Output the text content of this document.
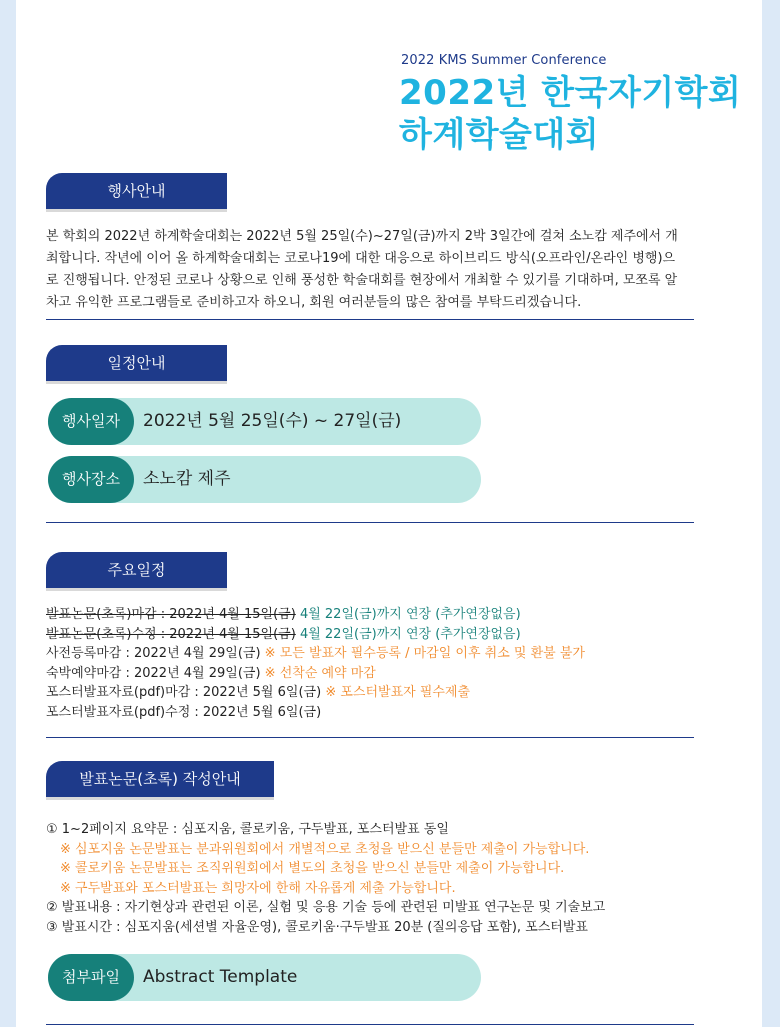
2022 KMS Summer Conference
2022년 한국자기학회
하계학술대회
행사안내
본 학회의 2022년 하계학술대회는 2022년 5월 25일(수)~27일(금)까지 2박 3일간에 걸쳐 소노캄 제주에서 개최합니다. 작년에 이어 올 하계학술대회는 코로나19에 대한 대응으로 하이브리드 방식(오프라인/온라인 병행)으로 진행됩니다. 안정된 코로나 상황으로 인해 풍성한 학술대회를 현장에서 개최할 수 있기를 기대하며, 모쪼록 알차고 유익한 프로그램들로 준비하고자 하오니, 회원 여러분들의 많은 참여를 부탁드리겠습니다.
일정안내
행사일자	2022년 5월 25일(수) ~ 27일(금)
행사장소	소노캄 제주
주요일정
발표논문(초록)마감 : 2022년 4월 15일(금) 4월 22일(금)까지 연장 (추가연장없음)
발표논문(초록)수정 : 2022년 4월 15일(금) 4월 22일(금)까지 연장 (추가연장없음)
사전등록마감 : 2022년 4월 29일(금) ※ 모든 발표자 필수등록 / 마감일 이후 취소 및 환불 불가
숙박예약마감 : 2022년 4월 29일(금) ※ 선착순 예약 마감
포스터발표자료(pdf)마감 : 2022년 5월 6일(금) ※ 포스터발표자 필수제출
포스터발표자료(pdf)수정 : 2022년 5월 6일(금)
발표논문(초록) 작성안내
① 1~2페이지 요약문 : 심포지움, 콜로키움, 구두발표, 포스터발표 동일
※ 심포지움 논문발표는 분과위원회에서 개별적으로 초청을 받으신 분들만 제출이 가능합니다.
※ 콜로키움 논문발표는 조직위원회에서 별도의 초청을 받으신 분들만 제출이 가능합니다.
※ 구두발표와 포스터발표는 희망자에 한해 자유롭게 제출 가능합니다.
② 발표내용 : 자기현상과 관련된 이론, 실험 및 응용 기술 등에 관련된 미발표 연구논문 및 기술보고
③ 발표시간 : 심포지움(세션별 자율운영), 콜로키움·구두발표 20분 (질의응답 포함), 포스터발표
첨부파일	Abstract Template
